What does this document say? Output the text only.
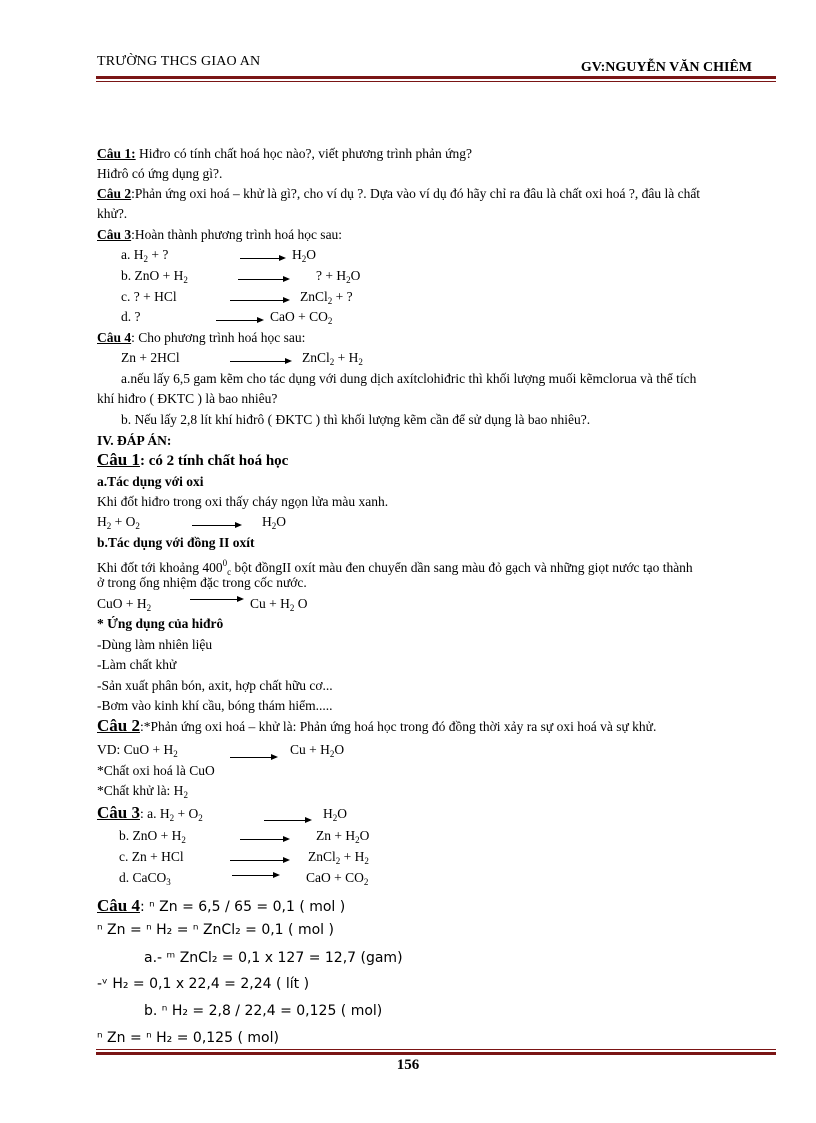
TRƯỜNG THCS GIAO AN	GV:NGUYỄN VĂN CHIÊM
Câu 1: Hiđro có tính chất hoá học nào?, viết phương trình phản ứng?
Hiđrô có ứng dụng gì?.
Câu 2:Phản ứng oxi hoá – khử là gì?, cho ví dụ ?. Dựa vào ví dụ đó hãy chỉ ra đâu là chất oxi hoá ?, đâu là chất
khử?.
Câu 3:Hoàn thành phương trình hoá học sau:
a. $H_2$ + ?	$H_2O$
b. ZnO + $H_2$	? + $H_2O$
c. ? + HCl	ZnCl$_2$ + ?
d. ?	CaO + $CO_2$
Câu 4: Cho phương trình hoá học sau:
Zn + 2HCl	ZnCl$_2$ + $H_2$
a.nếu lấy 6,5 gam kẽm cho tác dụng với dung dịch axítclohiđric thì khối lượng muối kẽmclorua và thể tích
khí hiđro ( ĐKTC ) là bao nhiêu?
b. Nếu lấy 2,8 lít khí hiđrô ( ĐKTC ) thì khối lượng kẽm cần để sử dụng là bao nhiêu?.
IV. ĐÁP ÁN:
Câu 1: có 2 tính chất hoá học
a.Tác dụng với oxi
Khi đốt hiđro trong oxi thấy cháy ngọn lửa màu xanh.
$H_2 + O_2$	$H_2O$
b.Tác dụng với đồng II oxít
Khi đốt tới khoảng $400^0_c$ bột đồngII oxít màu đen chuyển dần sang màu đỏ gạch và những giọt nước tạo thành
ở trong ống nhiệm đặc trong cốc nước.
CuO + $H_2$	$Cu + H_2$ O
* Ứng dụng của hiđrô
-Dùng làm nhiên liệu
-Làm chất khử
-Sản xuất phân bón, axit, hợp chất hữu cơ...
-Bơm vào kinh khí cầu, bóng thám hiểm.....
Câu 2:*Phản ứng oxi hoá – khử là: Phản ứng hoá học trong đó đồng thời xảy ra sự oxi hoá và sự khử.
VD: CuO + $H_2$	$Cu + H_2O$
*Chất oxi hoá là CuO
*Chất khử là: $H_2$
Câu 3: a. $H_2 + O_2$	$H_2O$
b. ZnO + $H_2$	$Zn + H_2O$
c. Zn + HCl	ZnCl$_2$ + $H_2$
d. CaCO$_3$	CaO + $CO_2$
Câu 4: ⁿ Zn = 6,5 / 65 = 0,1 ( mol )
ⁿ Zn = ⁿ H₂ = ⁿ ZnCl₂ = 0,1 ( mol )
a.- ᵐ ZnCl₂ = 0,1 x 127 = 12,7 (gam)
-ᵛ H₂ = 0,1 x 22,4 = 2,24 ( lít )
b. ⁿ H₂ = 2,8 / 22,4 = 0,125 ( mol)
ⁿ Zn = ⁿ H₂ = 0,125 ( mol)
156
